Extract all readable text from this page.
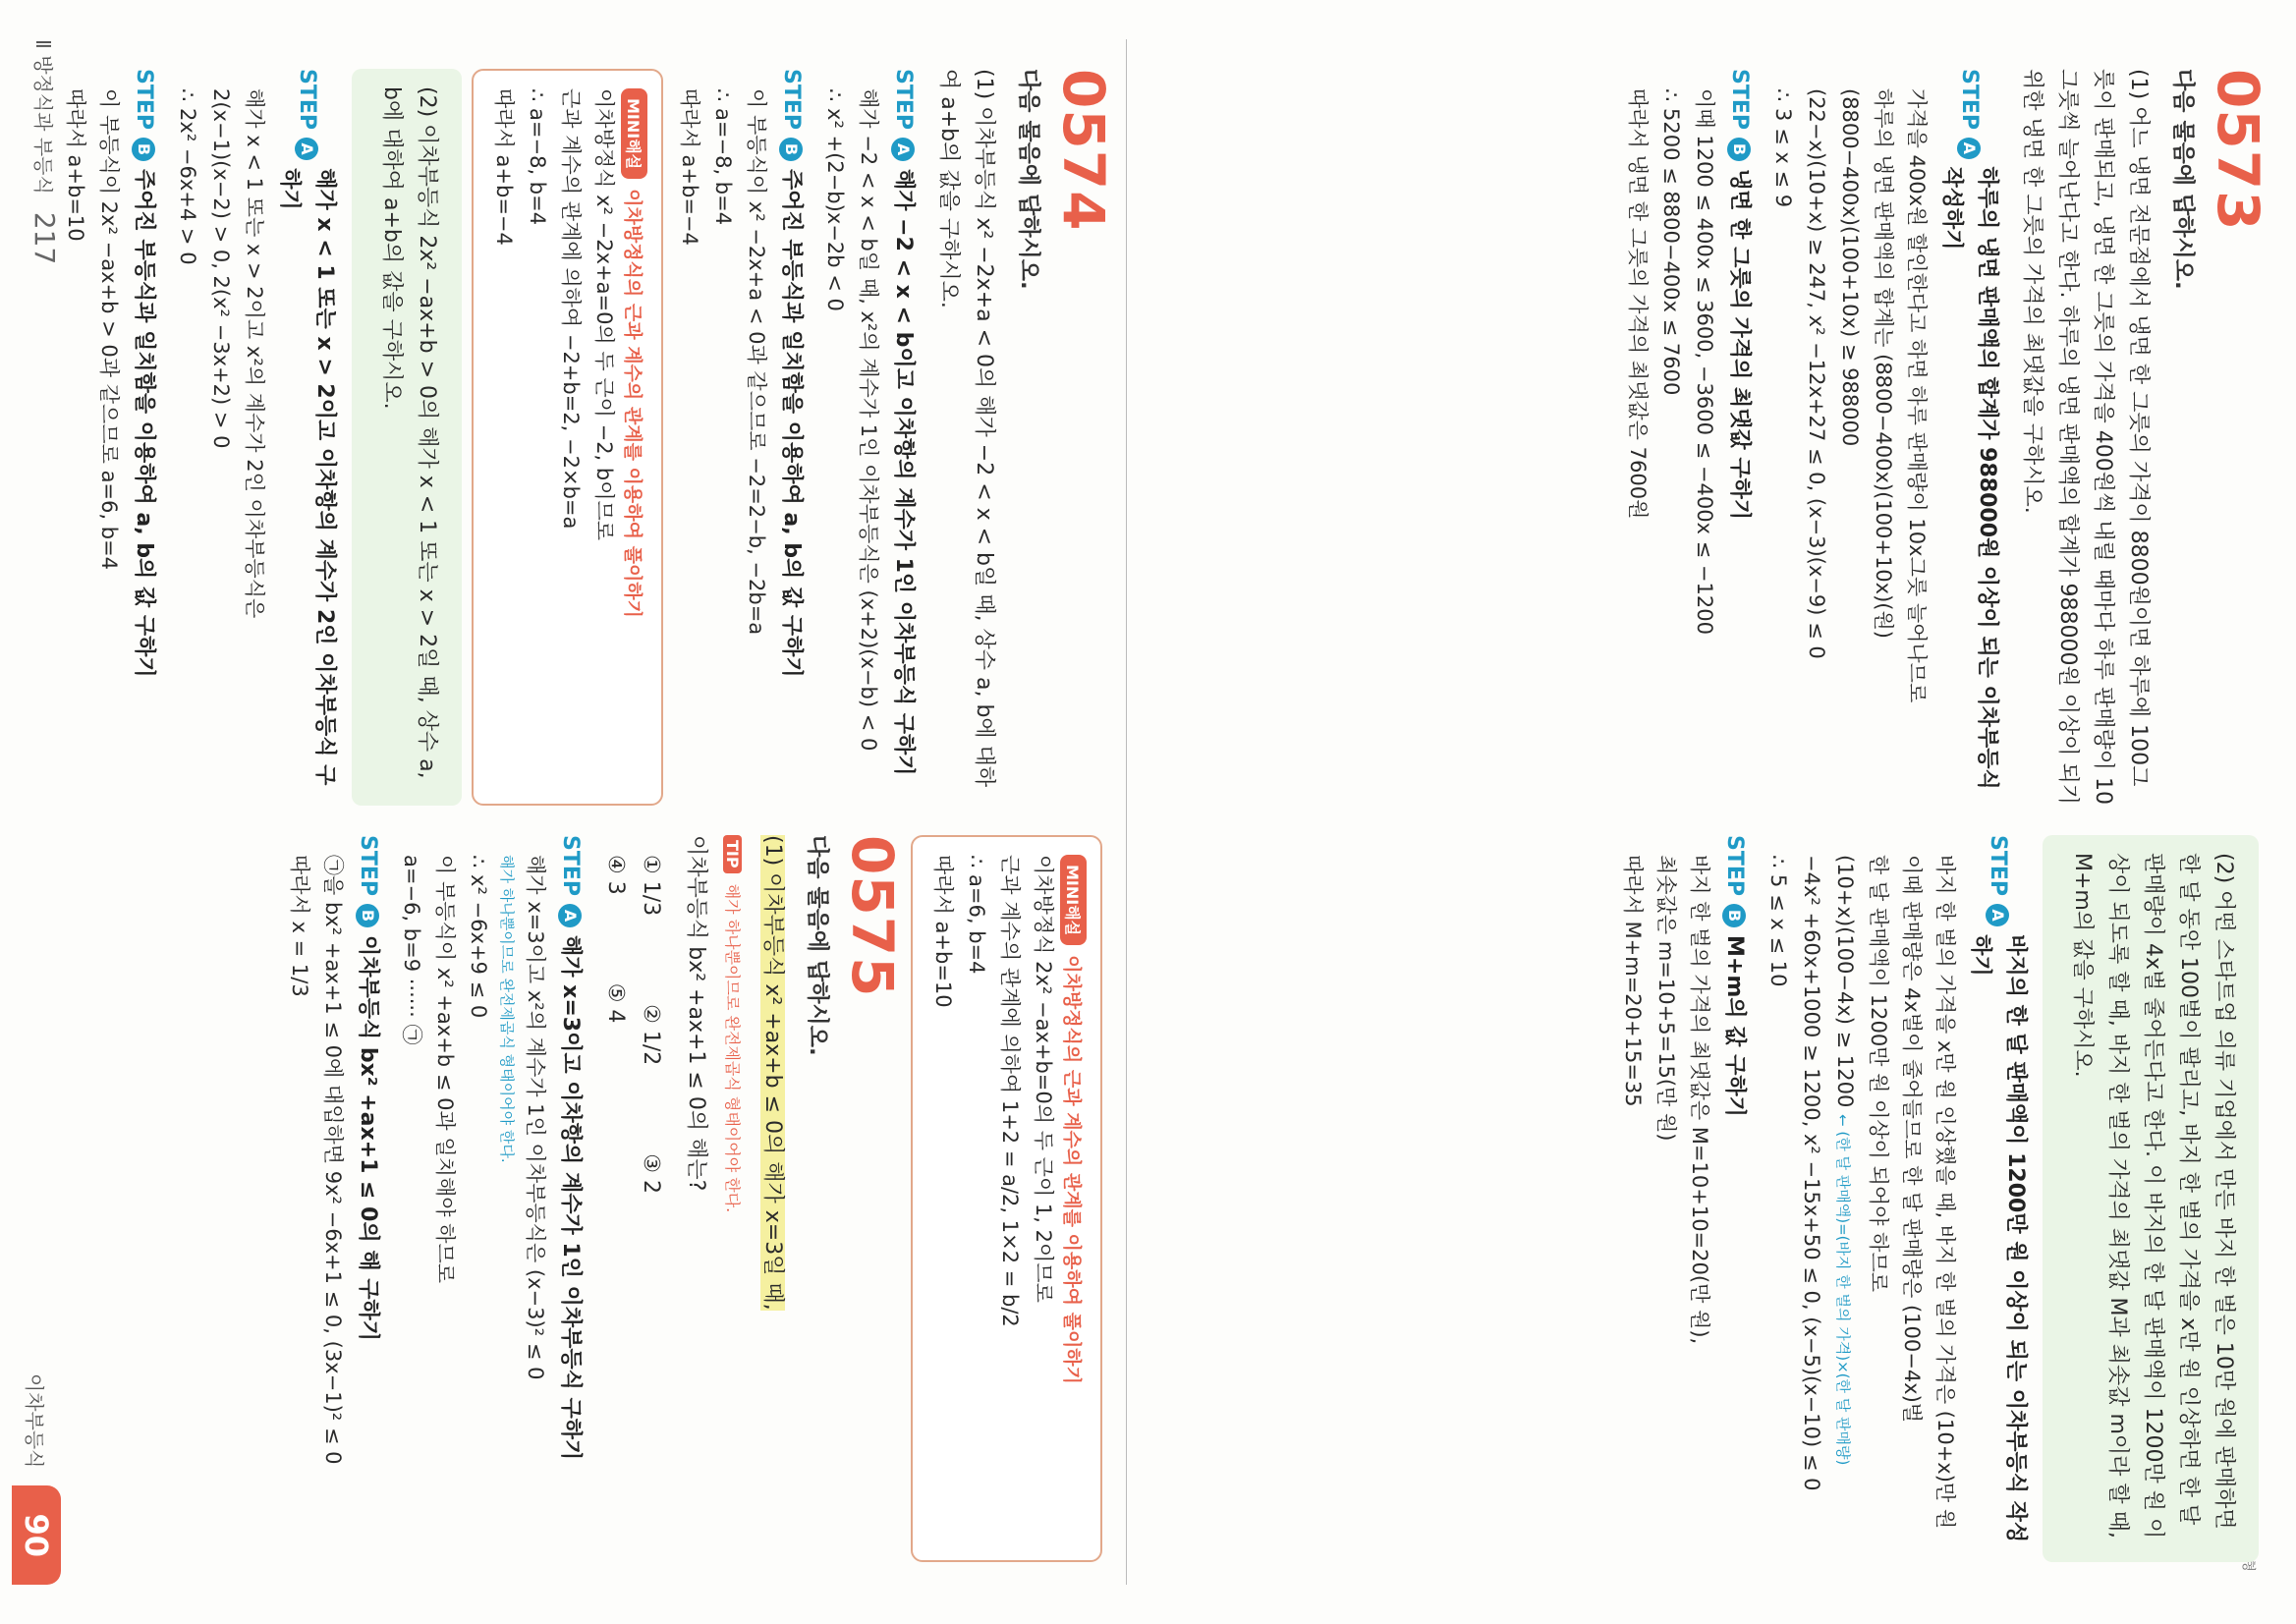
0573
다음 물음에 답하시오.
(1) 어느 냉면 전문점에서 냉면 한 그릇의 가격이 8800원이면 하루에 100그릇이 판매되고, 냉면 한 그릇의 가격을 400원씩 내릴 때마다 하루 판매량이 10그릇씩 늘어난다고 한다. 하루의 냉면 판매액의 합계가 988000원 이상이 되기 위한 냉면 한 그릇의 가격의 최댓값을 구하시오.
STEP
A
하루의 냉면 판매액의 합계가 988000원 이상이 되는 이차부등식 작성하기
가격을 400x원 할인한다고 하면 하루 판매량이 10x그릇 늘어나므로
하루의 냉면 판매액의 합계는 (8800−400x)(100+10x)(원)
(8800−400x)(100+10x) ≥ 988000
(22−x)(10+x) ≥ 247, x² −12x+27 ≤ 0, (x−3)(x−9) ≤ 0
∴ 3 ≤ x ≤ 9
STEP
B
냉면 한 그릇의 가격의 최댓값 구하기
이때 1200 ≤ 400x ≤ 3600, −3600 ≤ −400x ≤ −1200
∴ 5200 ≤ 8800−400x ≤ 7600
따라서 냉면 한 그릇의 가격의 최댓값은 7600원
(2) 어떤 스타트업 의류 기업에서 만든 바지 한 벌은 10만 원에 판매하면 한 달 동안 100벌이 팔리고, 바지 한 벌의 가격을 x만 원 인상하면 한 달 판매량이 4x벌 줄어든다고 한다. 이 바지의 한 달 판매액이 1200만 원 이상이 되도록 할 때, 바지 한 벌의 가격의 최댓값 M과 최솟값 m이라 할 때, M+m의 값을 구하시오.
STEP
A
바지의 한 달 판매액이 1200만 원 이상이 되는 이차부등식 작성하기
바지 한 벌의 가격을 x만 원 인상했을 때, 바지 한 벌의 가격은 (10+x)만 원
이때 판매량은 4x벌이 줄어들므로 한 달 판매량은 (100−4x)벌
한 달 판매액이 1200만 원 이상이 되어야 하므로
(10+x)(100−4x) ≥ 1200 ← (한 달 판매액)=(바지 한 벌의 가격)×(한 달 판매량)
−4x² +60x+1000 ≥ 1200, x² −15x+50 ≤ 0, (x−5)(x−10) ≤ 0
∴ 5 ≤ x ≤ 10
STEP
B
M+m의 값 구하기
바지 한 벌의 가격의 최댓값은 M=10+10=20(만 원),
최솟값은 m=10+5=15(만 원)
따라서 M+m=20+15=35
0574
다음 물음에 답하시오.
(1) 이차부등식 x² −2x+a < 0의 해가 −2 < x < b일 때, 상수 a, b에 대하여 a+b의 값을 구하시오.
STEP
A
해가 −2 < x < b이고 이차항의 계수가 1인 이차부등식 구하기
해가 −2 < x < b일 때, x²의 계수가 1인 이차부등식은 (x+2)(x−b) < 0
∴ x² +(2−b)x−2b < 0
STEP
B
주어진 부등식과 일치함을 이용하여 a, b의 값 구하기
이 부등식이 x² −2x+a < 0과 같으므로 −2=2−b, −2b=a
∴ a=−8, b=4
따라서 a+b=−4
MINI해설
이차방정식의 근과 계수의 관계를 이용하여 풀이하기
이차방정식 x² −2x+a=0의 두 근이 −2, b이므로
근과 계수의 관계에 의하여 −2+b=2, −2×b=a
∴ a=−8, b=4
따라서 a+b=−4
(2) 이차부등식 2x² −ax+b > 0의 해가 x < 1 또는 x > 2일 때, 상수 a, b에 대하여 a+b의 값을 구하시오.
STEP
A
해가 x < 1 또는 x > 2이고 이차항의 계수가 2인 이차부등식 구하기
해가 x < 1 또는 x > 2이고 x²의 계수가 2인 이차부등식은
2(x−1)(x−2) > 0, 2(x² −3x+2) > 0
∴ 2x² −6x+4 > 0
STEP
B
주어진 부등식과 일치함을 이용하여 a, b의 값 구하기
이 부등식이 2x² −ax+b > 0과 같으므로 a=6, b=4
따라서 a+b=10
MINI해설
이차방정식의 근과 계수의 관계를 이용하여 풀이하기
이차방정식 2x² −ax+b=0의 두 근이 1, 2이므로
근과 계수의 관계에 의하여 1+2 = a/2, 1×2 = b/2
∴ a=6, b=4
따라서 a+b=10
0575
다음 물음에 답하시오.
(1) 이차부등식 x² +ax+b ≤ 0의 해가 x=3일 때,
TIP 해가 하나뿐이므로 완전제곱식 형태이어야 한다.
이차부등식 bx² +ax+1 ≤ 0의 해는?
① 1/3
② 1/2
③ 2
④ 3
⑤ 4
STEP
A
해가 x=3이고 이차항의 계수가 1인 이차부등식 구하기
해가 x=3이고 x²의 계수가 1인 이차부등식은 (x−3)² ≤ 0
해가 하나뿐이므로 완전제곱식 형태이어야 한다.
∴ x² −6x+9 ≤ 0
이 부등식이 x² +ax+b ≤ 0과 일치해야 하므로
a=−6, b=9 ······ ㉠
STEP
B
이차부등식 bx² +ax+1 ≤ 0의 해 구하기
㉠을 bx² +ax+1 ≤ 0에 대입하면 9x² −6x+1 ≤ 0, (3x−1)² ≤ 0
따라서 x = 1/3
Ⅱ 방정식과 부등식
217
이차부등식
90
